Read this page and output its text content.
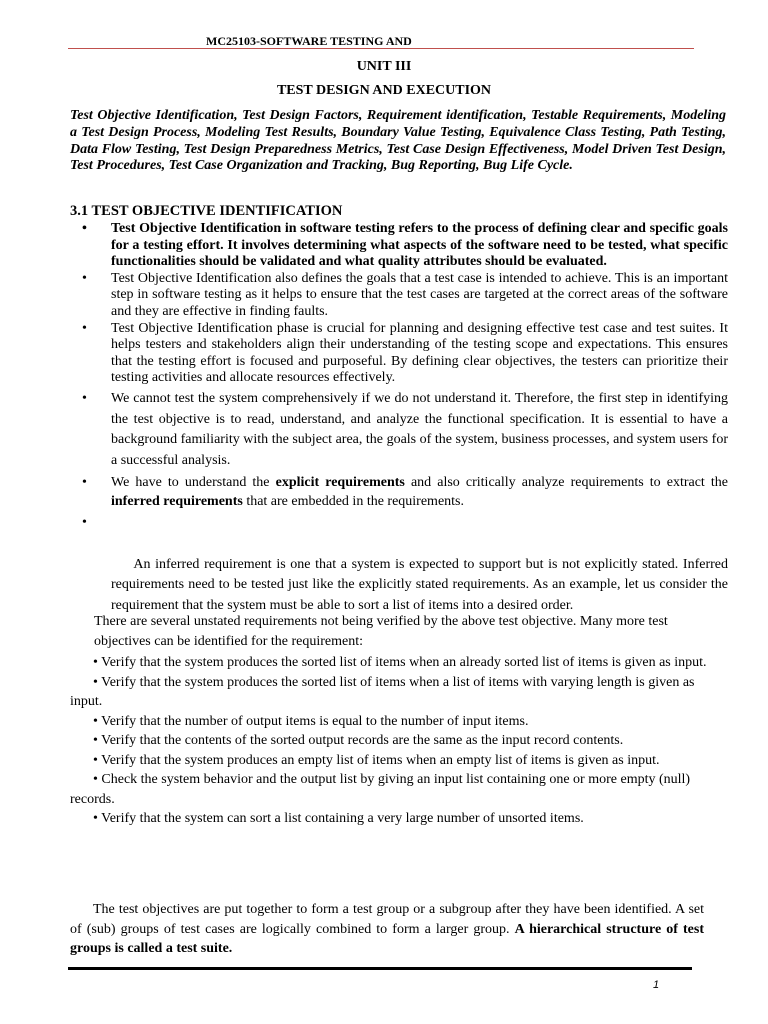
MC25103-SOFTWARE TESTING AND
UNIT III
TEST DESIGN AND EXECUTION
Test Objective Identification, Test Design Factors, Requirement identification, Testable Requirements, Modeling a Test Design Process, Modeling Test Results, Boundary Value Testing, Equivalence Class Testing, Path Testing, Data Flow Testing, Test Design Preparedness Metrics, Test Case Design Effectiveness, Model Driven Test Design, Test Procedures, Test Case Organization and Tracking, Bug Reporting, Bug Life Cycle.
3.1 TEST OBJECTIVE IDENTIFICATION

• Test Objective Identification in software testing refers to the process of defining clear and specific goals for a testing effort. It involves determining what aspects of the software need to be tested, what specific functionalities should be validated and what quality attributes should be evaluated.

• Test Objective Identification also defines the goals that a test case is intended to achieve. This is an important step in software testing as it helps to ensure that the test cases are targeted at the correct areas of the software and they are effective in finding faults.

• Test Objective Identification phase is crucial for planning and designing effective test case and test suites. It helps testers and stakeholders align their understanding of the testing scope and expectations. This ensures that the testing effort is focused and purposeful. By defining clear objectives, the testers can prioritize their testing activities and allocate resources effectively.

• We cannot test the system comprehensively if we do not understand it. Therefore, the first step in identifying the test objective is to read, understand, and analyze the functional specification. It is essential to have a background familiarity with the subject area, the goals of the system, business processes, and system users for a successful analysis.

• We have to understand the explicit requirements and also critically analyze requirements to extract the inferred requirements that are embedded in the requirements.

•

An inferred requirement is one that a system is expected to support but is not explicitly stated. Inferred requirements need to be tested just like the explicitly stated requirements. As an example, let us consider the requirement that the system must be able to sort a list of items into a desired order.

There are several unstated requirements not being verified by the above test objective. Many more test objectives can be identified for the requirement:

• Verify that the system produces the sorted list of items when an already sorted list of items is given as input.

• Verify that the system produces the sorted list of items when a list of items with varying length is given as input.

• Verify that the number of output items is equal to the number of input items.

• Verify that the contents of the sorted output records are the same as the input record contents.

• Verify that the system produces an empty list of items when an empty list of items is given as input.

• Check the system behavior and the output list by giving an input list containing one or more empty (null) records.

• Verify that the system can sort a list containing a very large number of unsorted items.

The test objectives are put together to form a test group or a subgroup after they have been identified. A set of (sub) groups of test cases are logically combined to form a larger group. A hierarchical structure of test groups is called a test suite.
1
